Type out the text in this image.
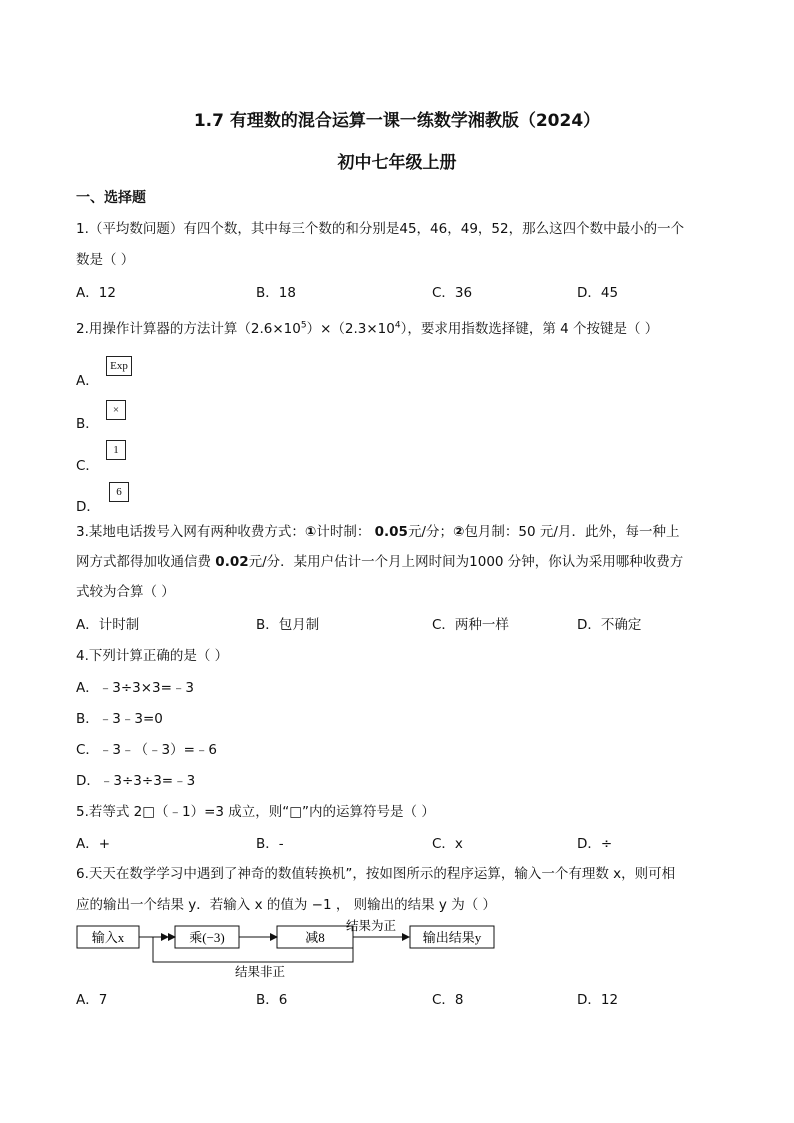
1.7 有理数的混合运算一课一练数学湘教版（2024）
初中七年级上册
一、选择题
1.（平均数问题）有四个数，其中每三个数的和分别是45，46，49，52，那么这四个数中最小的一个
数是（ ）
A．12	B．18	C．36	D．45
2.用操作计算器的方法计算$(2.6\times 10^5)\times(2.3\times 10^4)$，要求用指数选择键，第 4 个按键是（ ）
A．
Exp
B．
×
C．
1
D．
6
3.某地电话拨号入网有两种收费方式：①计时制： 0.05元/分；②包月制：50 元/月．此外，每一种上
网方式都得加收通信费 0.02元/分．某用户估计一个月上网时间为1000 分钟，你认为采用哪种收费方
式较为合算（ ）
A．计时制	B．包月制	C．两种一样	D．不确定
4.下列计算正确的是（ ）
A．﹣3÷3×3=﹣3
B．﹣3﹣3=0
C．﹣3﹣（﹣3）=﹣6
D．﹣3÷3÷3=﹣3
5.若等式 2□（﹣1）=3 成立，则“□”内的运算符号是（ ）
A．+	B．-	C．x	D．÷
6.天天在数学学习中遇到了神奇的数值转换机”，按如图所示的程序运算，输入一个有理数 x，则可相
应的输出一个结果 y．若输入 x 的值为 −1 ， 则输出的结果 y 为（ ）
输入x	乘(−3)	减8
结果为正
输出结果y
结果非正
A．7	B．6	C．8	D．12
